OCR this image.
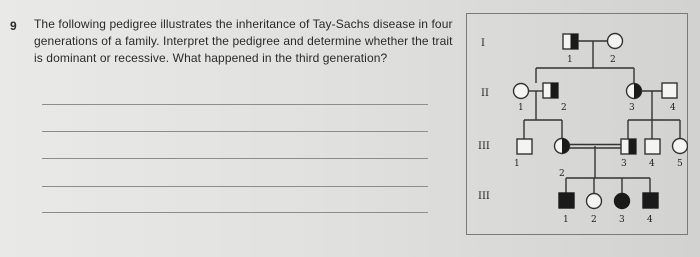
9 The following pedigree illustrates the inheritance of Tay-Sachs disease in four generations of a family. Interpret the pedigree and determine whether the trait is dominant or recessive. What happened in the third generation?
I
II
III
III
1	2
1	2	3	4
1
2
3 4 5
1 2 3 4
